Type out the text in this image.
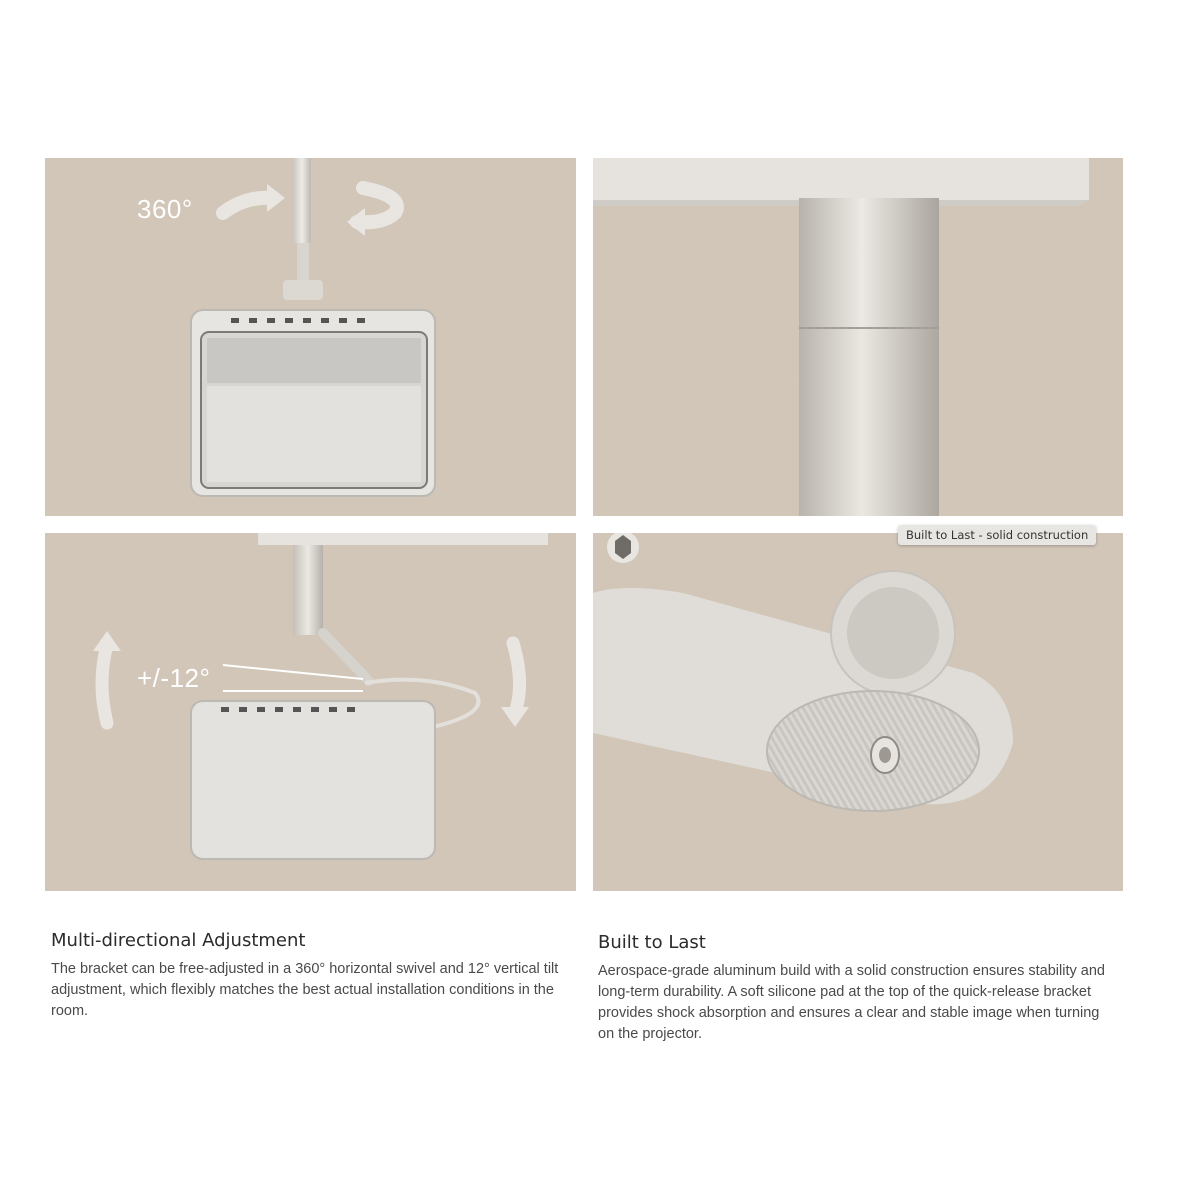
360°
+/-12°
Built to Last - solid construction
Multi-directional Adjustment

The bracket can be free-adjusted in a 360° horizontal swivel and 12° vertical tilt adjustment, which flexibly matches the best actual installation conditions in the room.

Built to Last

Aerospace-grade aluminum build with a solid construction ensures stability and long-term durability. A soft silicone pad at the top of the quick-release bracket provides shock absorption and ensures a clear and stable image when turning on the projector.
